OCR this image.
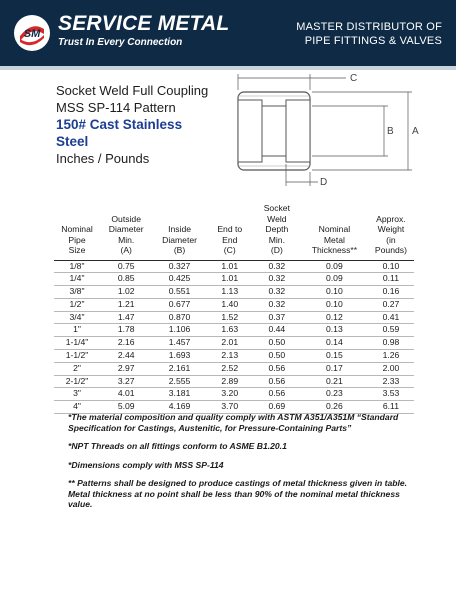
SM SERVICE METAL
Trust In Every Connection
MASTER DISTRIBUTOR OF
PIPE FITTINGS & VALVES
Socket Weld Full Coupling
MSS SP-114 Pattern
150# Cast Stainless
Steel
Inches / Pounds
C
B A
D
Nominal
Pipe
Size	Outside
Diameter
Min.
(A)	Inside
Diameter
(B)	End to
End
(C)	Socket
Weld
Depth
Min.
(D)	Nominal
Metal
Thickness**	Approx.
Weight
(in
Pounds)

1/8"	0.75	0.327	1.01	0.32	0.09	0.10
1/4"	0.85	0.425	1.01	0.32	0.09	0.11
3/8"	1.02	0.551	1.13	0.32	0.10	0.16
1/2"	1.21	0.677	1.40	0.32	0.10	0.27
3/4"	1.47	0.870	1.52	0.37	0.12	0.41
1"	1.78	1.106	1.63	0.44	0.13	0.59
1-1/4"	2.16	1.457	2.01	0.50	0.14	0.98
1-1/2"	2.44	1.693	2.13	0.50	0.15	1.26
2"	2.97	2.161	2.52	0.56	0.17	2.00
2-1/2"	3.27	2.555	2.89	0.56	0.21	2.33
3"	4.01	3.181	3.20	0.56	0.23	3.53
4"	5.09	4.169	3.70	0.69	0.26	6.11
*The material composition and quality comply with ASTM A351/A351M “Standard Specification for Castings, Austenitic, for Pressure-Containing Parts”
*NPT Threads on all fittings conform to ASME B1.20.1
*Dimensions comply with MSS SP-114
** Patterns shall be designed to produce castings of metal thickness given in table. Metal thickness at no point shall be less than 90% of the nominal metal thickness value.
